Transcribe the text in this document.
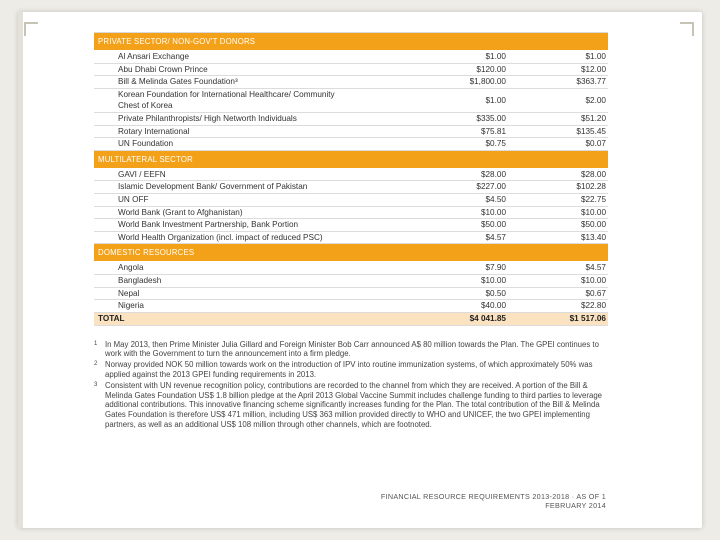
PRIVATE SECTOR/ NON-GOV'T DONORS		
Al Ansari Exchange	$1.00	$1.00
Abu Dhabi Crown Prince	$120.00	$12.00
Bill & Melinda Gates Foundation³	$1,800.00	$363.77
Korean Foundation for International Healthcare/ Community Chest of Korea	$1.00	$2.00
Private Philanthropists/ High Networth Individuals	$335.00	$51.20
Rotary International	$75.81	$135.45
UN Foundation	$0.75	$0.07
MULTILATERAL SECTOR		
GAVI / EEFN	$28.00	$28.00
Islamic Development Bank/ Government of Pakistan	$227.00	$102.28
UN OFF	$4.50	$22.75
World Bank (Grant to Afghanistan)	$10.00	$10.00
World Bank Investment Partnership, Bank Portion	$50.00	$50.00
World Health Organization (incl. impact of reduced PSC)	$4.57	$13.40
DOMESTIC RESOURCES		
Angola	$7.90	$4.57
Bangladesh	$10.00	$10.00
Nepal	$0.50	$0.67
Nigeria	$40.00	$22.80
TOTAL	$4 041.85	$1 517.06
1 In May 2013, then Prime Minister Julia Gillard and Foreign Minister Bob Carr announced A$ 80 million towards the Plan. The GPEI continues to work with the Government to turn the announcement into a firm pledge.
2 Norway provided NOK 50 million towards work on the introduction of IPV into routine immunization systems, of which approximately 50% was applied against the 2013 GPEI funding requirements in 2013.
3 Consistent with UN revenue recognition policy, contributions are recorded to the channel from which they are received. A portion of the Bill & Melinda Gates Foundation US$ 1.8 billion pledge at the April 2013 Global Vaccine Summit includes challenge funding to third parties to leverage additional contributions. This innovative financing scheme significantly increases funding for the Plan. The total contribution of the Bill & Melinda Gates Foundation is therefore US$ 471 million, including US$ 363 million provided directly to WHO and UNICEF, the two GPEI implementing partners, as well as an additional US$ 108 million through other channels, which are footnoted.
FINANCIAL RESOURCE REQUIREMENTS 2013-2018 · AS OF 1 FEBRUARY 2014
